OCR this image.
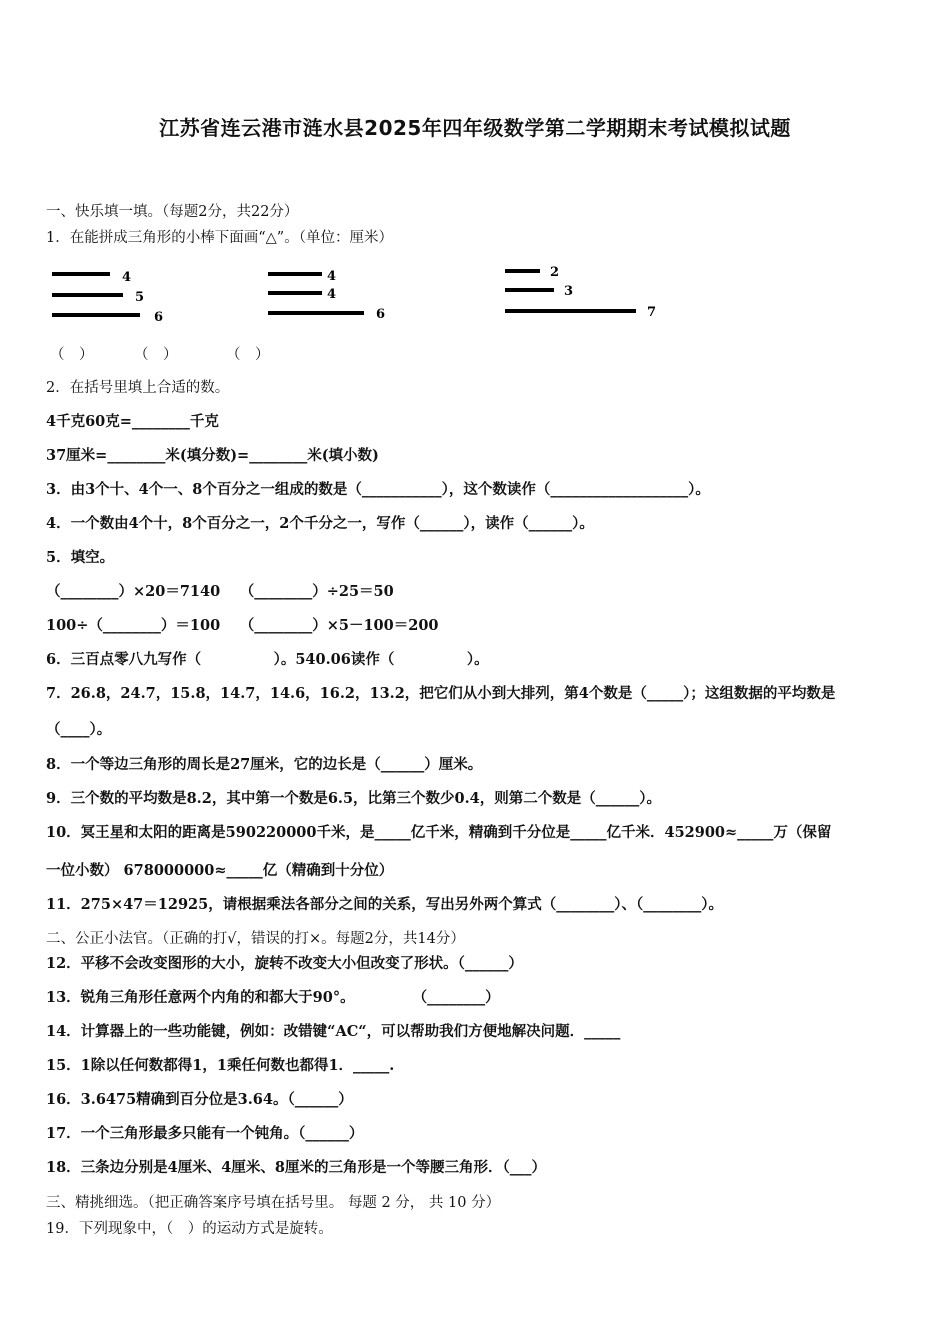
江苏省连云港市涟水县2025年四年级数学第二学期期末考试模拟试题
一、快乐填一填。（每题2分，共22分）
1．在能拼成三角形的小棒下面画“△”。（单位：厘米）
4
5
6
4
4
6
2
3
7
（　）	（　）	（　）
2．在括号里填上合适的数。
4千克60克=________千克
37厘米=________米(填分数)=________米(填小数)
3．由3个十、4个一、8个百分之一组成的数是（___________），这个数读作（___________________）。
4．一个数由4个十，8个百分之一，2个千分之一，写作（______），读作（______）。
5．填空。
（________）×20＝7140　 （________）÷25＝50
100÷（________）＝100　 （________）×5－100＝200
6．三百点零八九写作（　　　　　）。540.06读作（　　　　　）。
7．26.8，24.7，15.8，14.7，14.6，16.2，13.2，把它们从小到大排列，第4个数是（_____）；这组数据的平均数是
（____）。
8．一个等边三角形的周长是27厘米，它的边长是（______）厘米。
9．三个数的平均数是8.2，其中第一个数是6.5，比第三个数少0.4，则第二个数是（______）。
10．冥王星和太阳的距离是590220000千米，是_____亿千米，精确到千分位是_____亿千米．452900≈_____万（保留
一位小数） 678000000≈_____亿（精确到十分位）
11．275×47＝12925，请根据乘法各部分之间的关系，写出另外两个算式（________）、（________）。
二、公正小法官。（正确的打√，错误的打×。每题2分，共14分）
12．平移不会改变图形的大小，旋转不改变大小但改变了形状。（______）
13．锐角三角形任意两个内角的和都大于90°。　　　　　（________）
14．计算器上的一些功能键，例如：改错键“AC“，可以帮助我们方便地解决问题．_____
15．1除以任何数都得1，1乘任何数也都得1．_____.
16．3.6475精确到百分位是3.64。（______）
17．一个三角形最多只能有一个钝角。（______）
18．三条边分别是4厘米、4厘米、8厘米的三角形是一个等腰三角形．（___）
三、精挑细选。（把正确答案序号填在括号里。 每题 2 分， 共 10 分）
19．下列现象中，（　）的运动方式是旋转。
